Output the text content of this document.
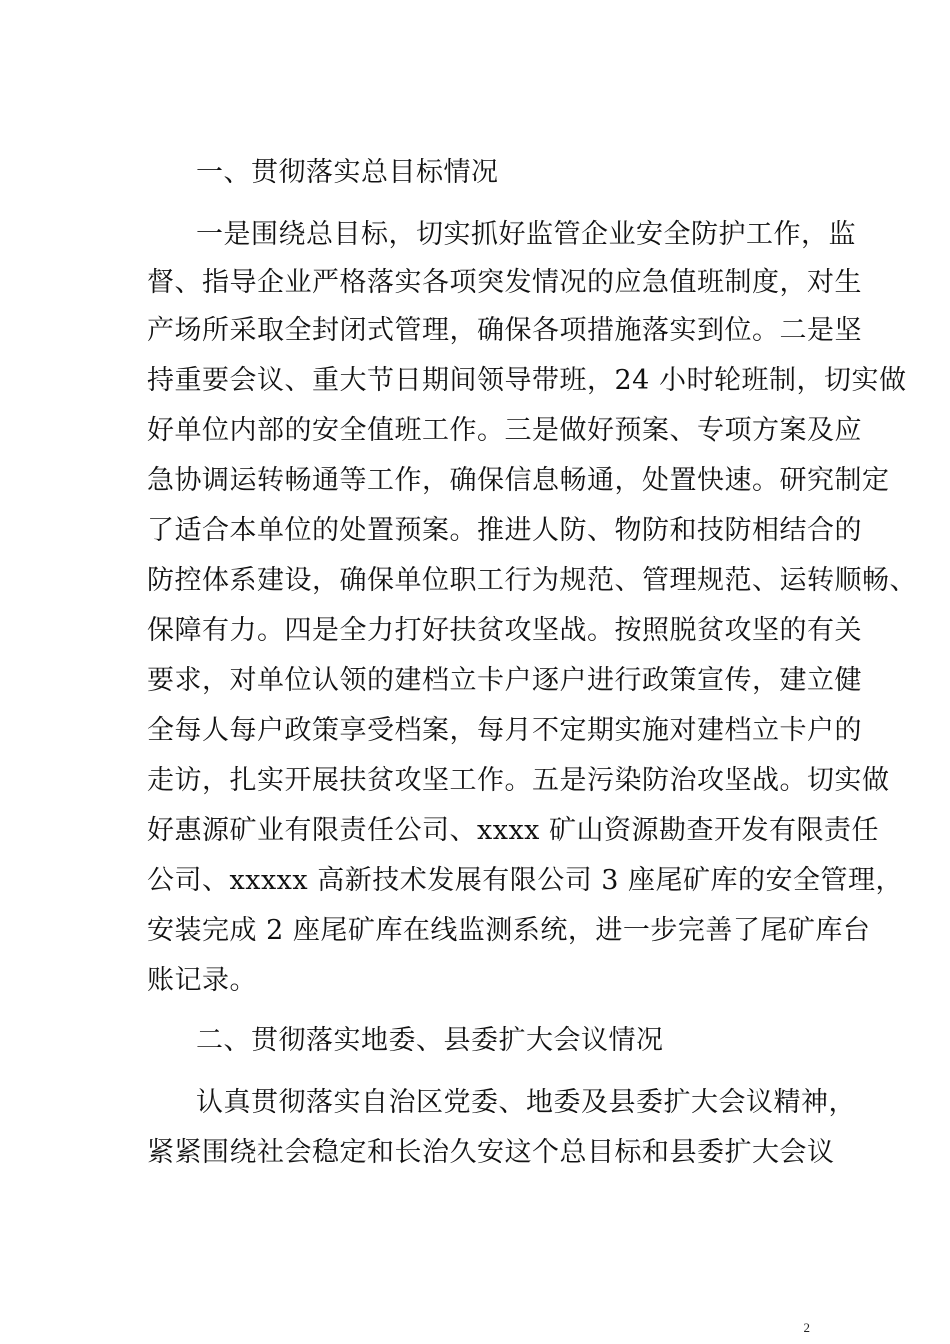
一、贯彻落实总目标情况
一是围绕总目标，切实抓好监管企业安全防护工作，监
督、指导企业严格落实各项突发情况的应急值班制度，对生
产场所采取全封闭式管理，确保各项措施落实到位。二是坚
持重要会议、重大节日期间领导带班，24 小时轮班制，切实做
好单位内部的安全值班工作。三是做好预案、专项方案及应
急协调运转畅通等工作，确保信息畅通，处置快速。研究制定
了适合本单位的处置预案。推进人防、物防和技防相结合的
防控体系建设，确保单位职工行为规范、管理规范、运转顺畅、
保障有力。四是全力打好扶贫攻坚战。按照脱贫攻坚的有关
要求，对单位认领的建档立卡户逐户进行政策宣传，建立健
全每人每户政策享受档案，每月不定期实施对建档立卡户的
走访，扎实开展扶贫攻坚工作。五是污染防治攻坚战。切实做
好惠源矿业有限责任公司、xxxx 矿山资源勘查开发有限责任
公司、xxxxx 高新技术发展有限公司 3 座尾矿库的安全管理，
安装完成 2 座尾矿库在线监测系统，进一步完善了尾矿库台
账记录。
二、贯彻落实地委、县委扩大会议情况
认真贯彻落实自治区党委、地委及县委扩大会议精神，
紧紧围绕社会稳定和长治久安这个总目标和县委扩大会议
2
